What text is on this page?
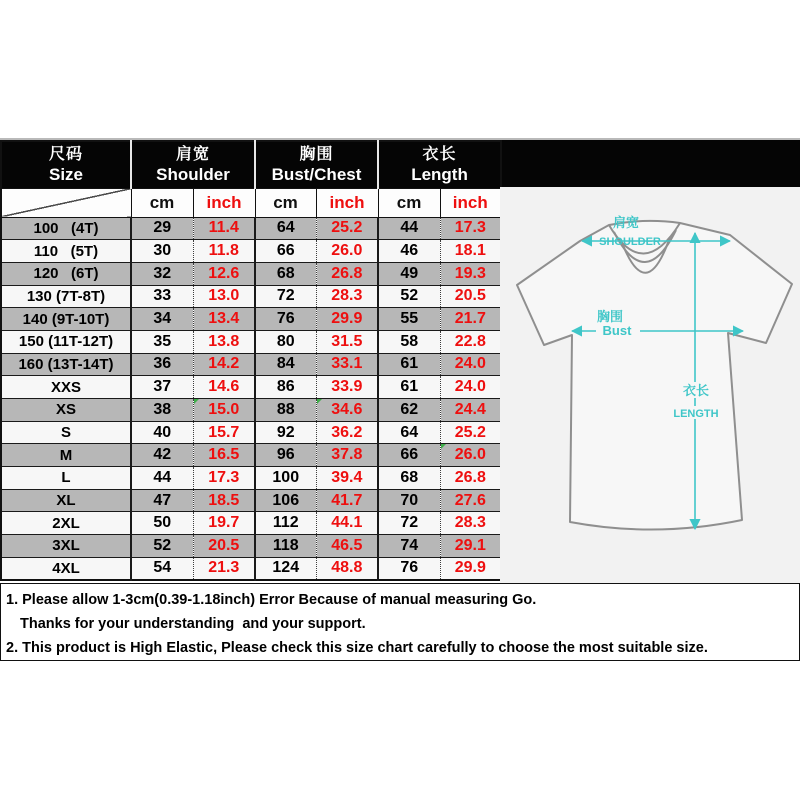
尺码
Size

肩宽
Shoulder

胸围
Bust/Chest

衣长
Length

	cm	inch	cm	inch	cm	inch
100   (4T)	29	11.4	64	25.2	44	17.3
110   (5T)	30	11.8	66	26.0	46	18.1
120   (6T)	32	12.6	68	26.8	49	19.3
130 (7T-8T)	33	13.0	72	28.3	52	20.5
140 (9T-10T)	34	13.4	76	29.9	55	21.7
150 (11T-12T)	35	13.8	80	31.5	58	22.8
160 (13T-14T)	36	14.2	84	33.1	61	24.0
XXS	37	14.6	86	33.9	61	24.0
XS	38	15.0	88	34.6	62	24.4
S	40	15.7	92	36.2	64	25.2
M	42	16.5	96	37.8	66	26.0

L	44	17.3	100	39.4	68	26.8
XL	47	18.5	106	41.7	70	27.6
2XL	50	19.7	112	44.1	72	28.3
3XL	52	20.5	118	46.5	74	29.1
4XL	54	21.3	124	48.8	76	29.9
肩宽
SHOULDER
胸围
Bust
衣长
LENGTH
1. Please allow 1-3cm(0.39-1.18inch) Error Because of manual measuring Go.
Thanks for your understanding  and your support.
2. This product is High Elastic, Please check this size chart carefully to choose the most suitable size.
